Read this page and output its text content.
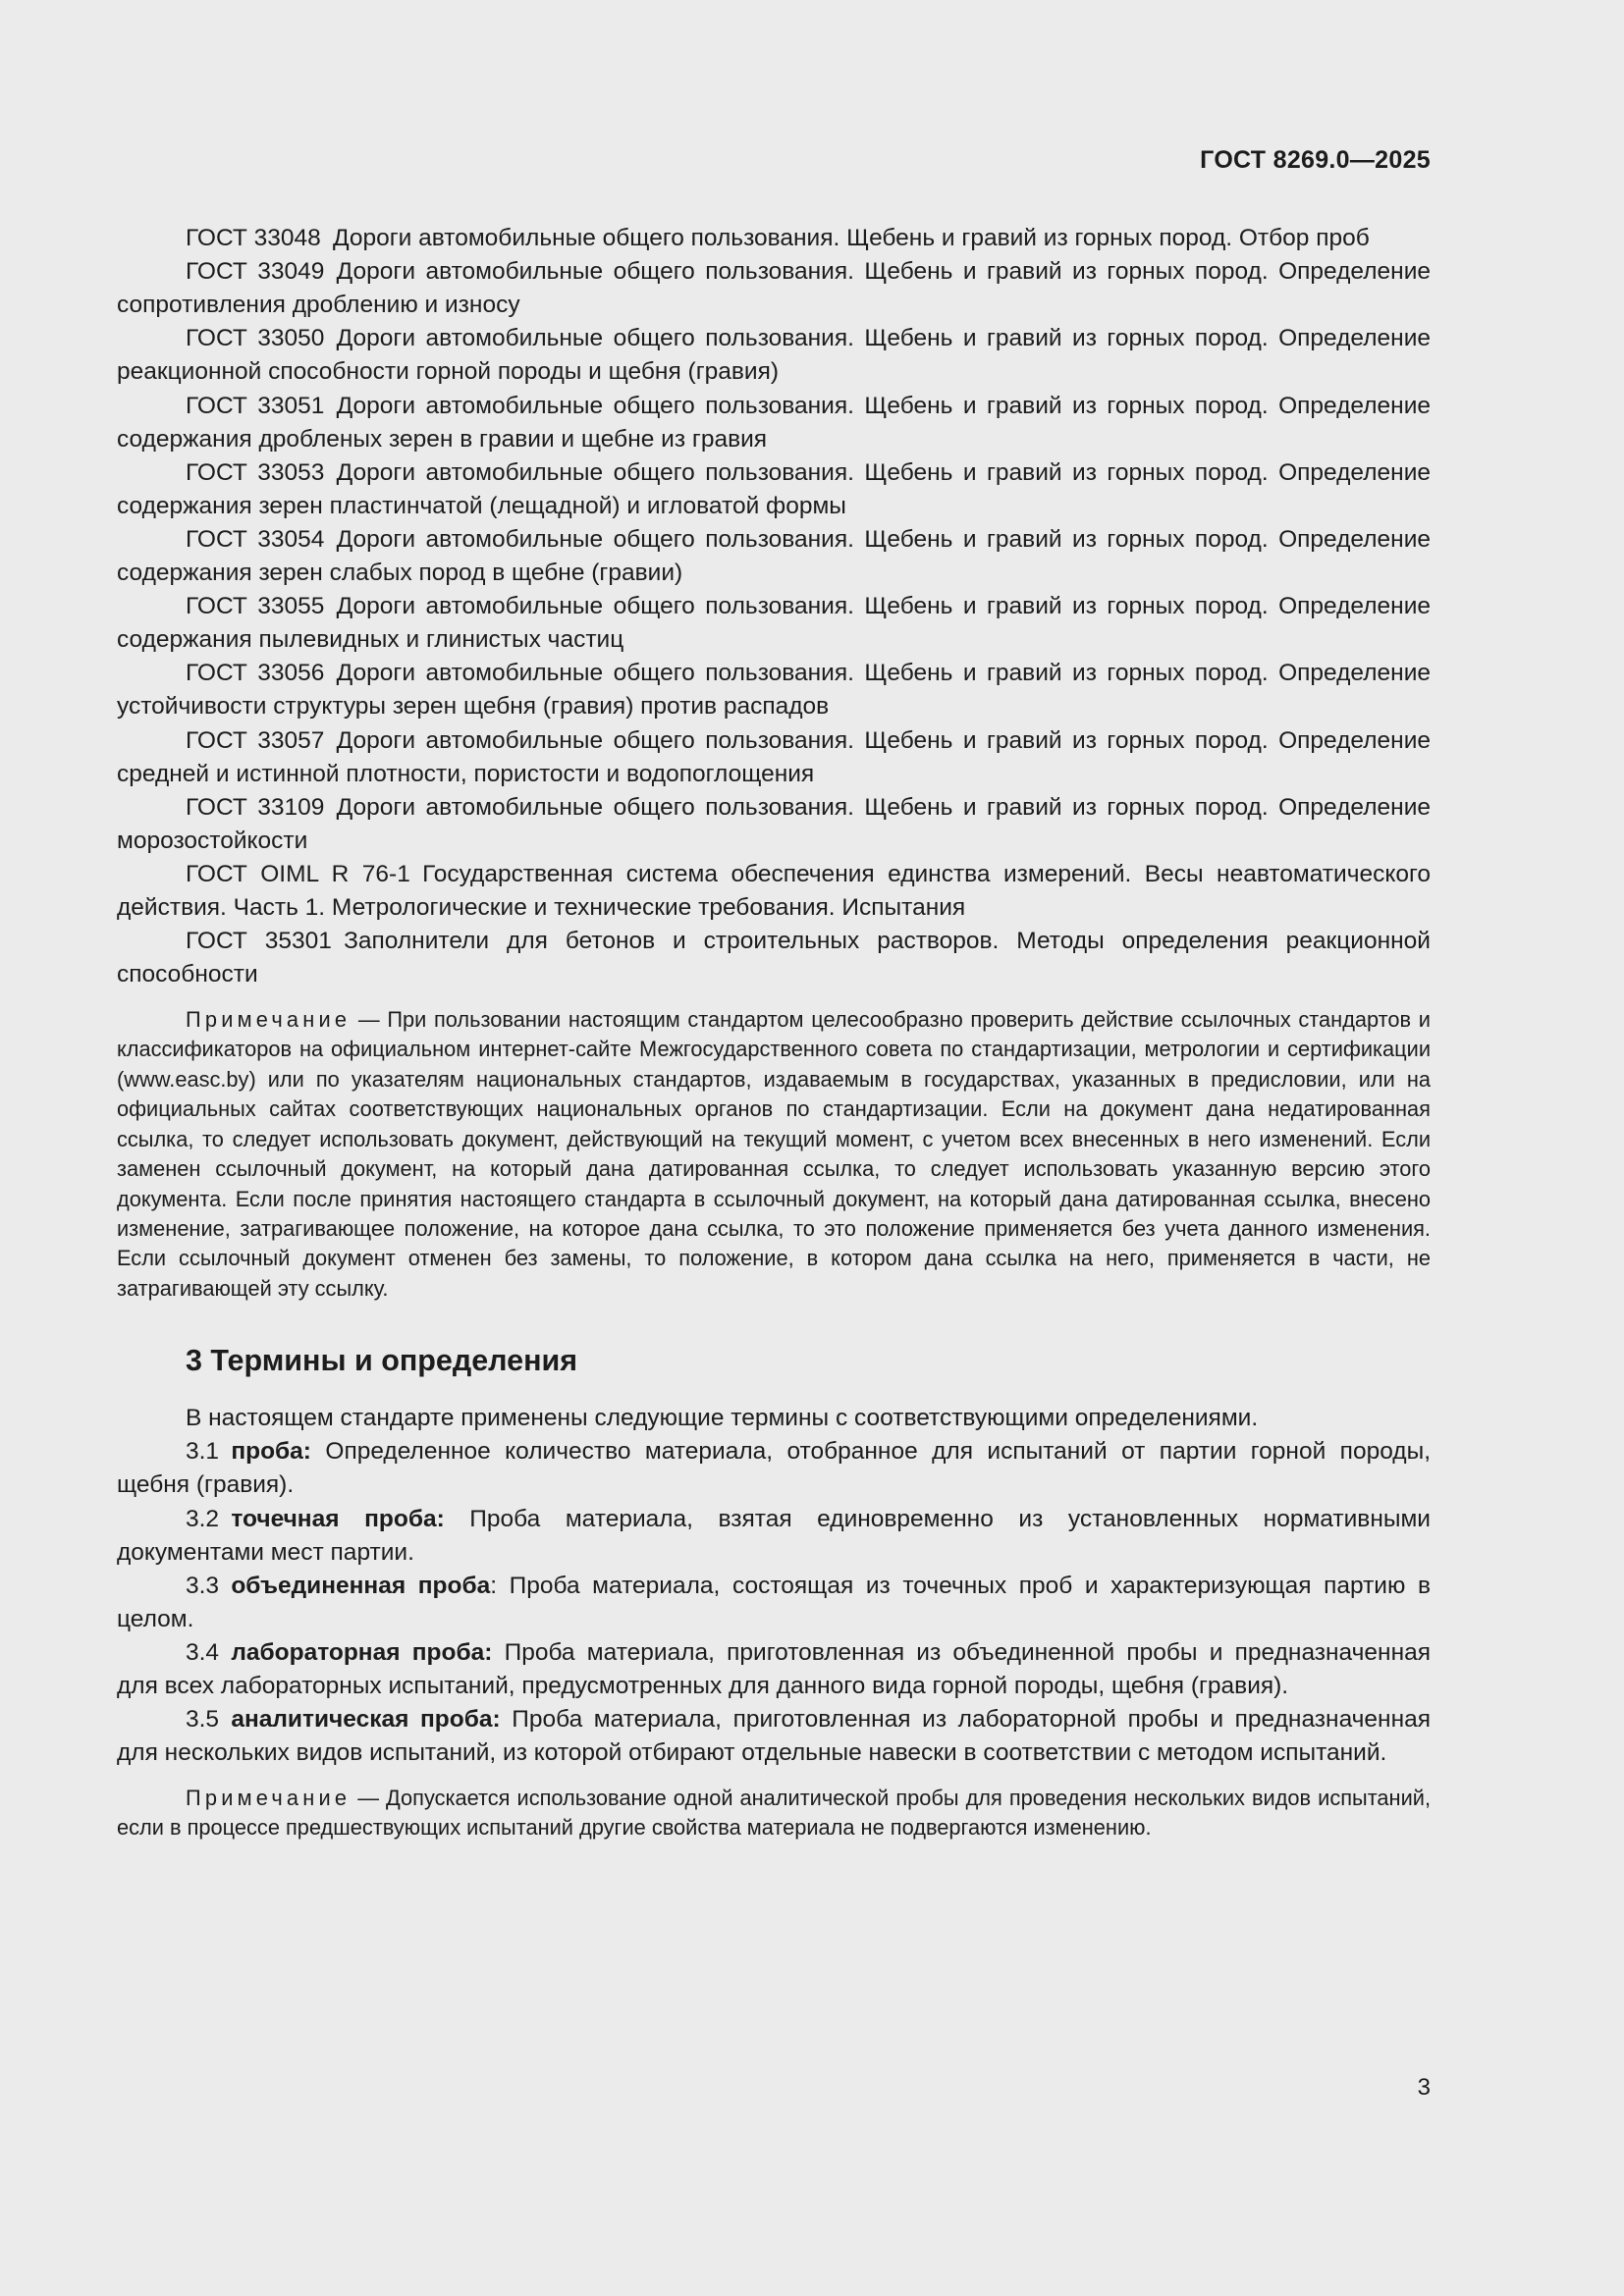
ГОСТ 8269.0—2025

ГОСТ 33048  Дороги автомобильные общего пользования. Щебень и гравий из горных пород. Отбор проб

ГОСТ 33049  Дороги автомобильные общего пользования. Щебень и гравий из горных пород. Определение сопротивления дроблению и износу

ГОСТ 33050  Дороги автомобильные общего пользования. Щебень и гравий из горных пород. Определение реакционной способности горной породы и щебня (гравия)

ГОСТ 33051  Дороги автомобильные общего пользования. Щебень и гравий из горных пород. Определение содержания дробленых зерен в гравии и щебне из гравия

ГОСТ 33053  Дороги автомобильные общего пользования. Щебень и гравий из горных пород. Определение содержания зерен пластинчатой (лещадной) и игловатой формы

ГОСТ 33054  Дороги автомобильные общего пользования. Щебень и гравий из горных пород. Определение содержания зерен слабых пород в щебне (гравии)

ГОСТ 33055  Дороги автомобильные общего пользования. Щебень и гравий из горных пород. Определение содержания пылевидных и глинистых частиц

ГОСТ 33056  Дороги автомобильные общего пользования. Щебень и гравий из горных пород. Определение устойчивости структуры зерен щебня (гравия) против распадов

ГОСТ 33057  Дороги автомобильные общего пользования. Щебень и гравий из горных пород. Определение средней и истинной плотности, пористости и водопоглощения

ГОСТ 33109  Дороги автомобильные общего пользования. Щебень и гравий из горных пород. Определение морозостойкости

ГОСТ OIML R 76-1  Государственная система обеспечения единства измерений. Весы неавтоматического действия. Часть 1. Метрологические и технические требования. Испытания

ГОСТ 35301  Заполнители для бетонов и строительных растворов. Методы определения реакционной способности

Примечание — При пользовании настоящим стандартом целесообразно проверить действие ссылочных стандартов и классификаторов на официальном интернет-сайте Межгосударственного совета по стандартизации, метрологии и сертификации (www.easc.by) или по указателям национальных стандартов, издаваемым в государствах, указанных в предисловии, или на официальных сайтах соответствующих национальных органов по стандартизации. Если на документ дана недатированная ссылка, то следует использовать документ, действующий на текущий момент, с учетом всех внесенных в него изменений. Если заменен ссылочный документ, на который дана датированная ссылка, то следует использовать указанную версию этого документа. Если после принятия настоящего стандарта в ссылочный документ, на который дана датированная ссылка, внесено изменение, затрагивающее положение, на которое дана ссылка, то это положение применяется без учета данного изменения. Если ссылочный документ отменен без замены, то положение, в котором дана ссылка на него, применяется в части, не затрагивающей эту ссылку.

3 Термины и определения

В настоящем стандарте применены следующие термины с соответствующими определениями.

3.1  проба: Определенное количество материала, отобранное для испытаний от партии горной породы, щебня (гравия).

3.2  точечная проба: Проба материала, взятая единовременно из установленных нормативными документами мест партии.

3.3  объединенная проба: Проба материала, состоящая из точечных проб и характеризующая партию в целом.

3.4  лабораторная проба: Проба материала, приготовленная из объединенной пробы и предназначенная для всех лабораторных испытаний, предусмотренных для данного вида горной породы, щебня (гравия).

3.5  аналитическая проба: Проба материала, приготовленная из лабораторной пробы и предназначенная для нескольких видов испытаний, из которой отбирают отдельные навески в соответствии с методом испытаний.

Примечание — Допускается использование одной аналитической пробы для проведения нескольких видов испытаний, если в процессе предшествующих испытаний другие свойства материала не подвергаются изменению.

3
